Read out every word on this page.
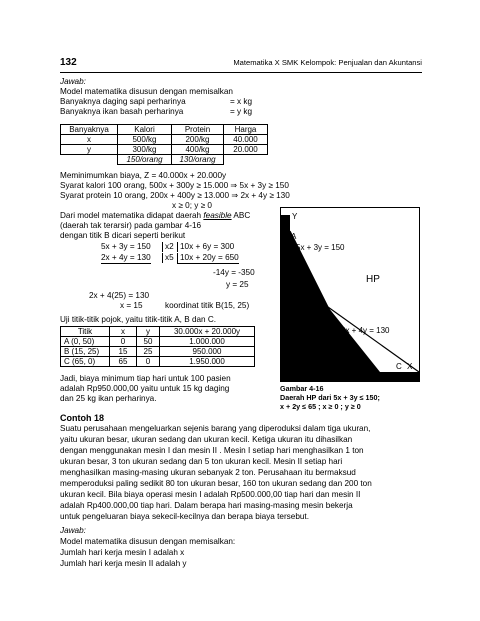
132	Matematika X SMK Kelompok: Penjualan dan Akuntansi
Jawab:
Model matematika disusun dengan memisalkan
Banyaknya daging sapi perharinya	= x kg
Banyaknya ikan basah perharinya	= y kg
Banyaknya	Kalori	Protein	Harga
x	500/kg	200/kg	40.000
y	300/kg	400/kg	20.000
	150/orang	130/orang	
Meminimumkan biaya, Z = 40.000x + 20.000y
Syarat kalori 100 orang, 500x + 300y ≥ 15.000 ⇒ 5x + 3y ≥ 150
Syarat protein 10 orang, 200x + 400y ≥ 13.000 ⇒ 2x + 4y ≥ 130
x ≥ 0; y ≥ 0
Dari model matematika didapat daerah feasible ABC
(daerah tak terarsir) pada gambar 4-16
dengan titik B dicari seperti berikut
5x + 3y = 150	x2 10x + 6y = 300
2x + 4y = 130	x5 10x + 20y = 650
-14y = -350
y = 25
2x + 4(25) = 130
x = 15	koordinat titik B(15, 25)
Uji titik-titik pojok, yaitu titik-titik A, B dan C.
Titik	x	y	30.000x + 20.000y
A (0, 50)	0	50	1.000.000
B (15, 25)	15	25	950.000
C (65, 0)	65	0	1.950.000
Jadi, biaya minimum tiap hari untuk 100 pasien
adalah Rp950.000,00 yaitu untuk 15 kg daging
dan 25 kg ikan perharinya.
Y
A
5x + 3y = 150
HP
2x + 4y = 130
C X
Gambar 4-16
Daerah HP dari 5x + 3y ≤ 150;
x + 2y ≤ 65 ; x ≥ 0 ; y ≥ 0
Contoh 18
Suatu perusahaan mengeluarkan sejenis barang yang diperoduksi dalam tiga ukuran,
yaitu ukuran besar, ukuran sedang dan ukuran kecil. Ketiga ukuran itu dihasilkan
dengan menggunakan mesin I dan mesin II . Mesin I setiap hari menghasilkan 1 ton
ukuran besar, 3 ton ukuran sedang dan 5 ton ukuran kecil. Mesin II setiap hari
menghasilkan masing-masing ukuran sebanyak 2 ton. Perusahaan itu bermaksud
memperoduksi paling sedikit 80 ton ukuran besar, 160 ton ukuran sedang dan 200 ton
ukuran kecil. Bila biaya operasi mesin I adalah Rp500.000,00 tiap hari dan mesin II
adalah Rp400.000,00 tiap hari. Dalam berapa hari masing-masing mesin bekerja
untuk pengeluaran biaya sekecil-kecilnya dan berapa biaya tersebut.
Jawab:
Model matematika disusun dengan memisalkan:
Jumlah hari kerja mesin I adalah x
Jumlah hari kerja mesin II adalah y
